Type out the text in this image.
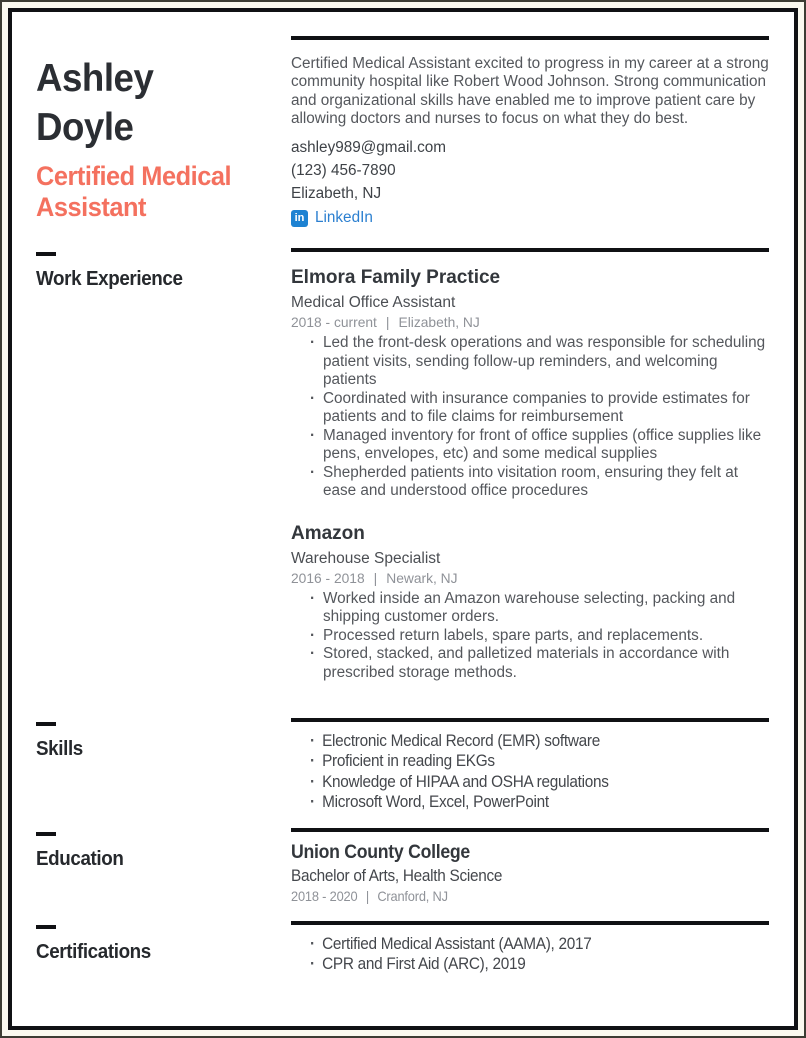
Ashley Doyle
Certified Medical Assistant

Certified Medical Assistant excited to progress in my career at a strong community hospital like Robert Wood Johnson. Strong communication and organizational skills have enabled me to improve patient care by allowing doctors and nurses to focus on what they do best.

ashley989@gmail.com
(123) 456-7890
Elizabeth, NJ
in LinkedIn
Work Experience	Elmora Family Practice
Medical Office Assistant
2018 - current | Elizabeth, NJ
· Led the front-desk operations and was responsible for scheduling patient visits, sending follow-up reminders, and welcoming patients
· Coordinated with insurance companies to provide estimates for patients and to file claims for reimbursement
· Managed inventory for front of office supplies (office supplies like pens, envelopes, etc) and some medical supplies
· Shepherded patients into visitation room, ensuring they felt at ease and understood office procedures
Amazon
Warehouse Specialist
2016 - 2018 | Newark, NJ
· Worked inside an Amazon warehouse selecting, packing and shipping customer orders.
· Processed return labels, spare parts, and replacements.
· Stored, stacked, and palletized materials in accordance with prescribed storage methods.
Skills	· Electronic Medical Record (EMR) software
· Proficient in reading EKGs
· Knowledge of HIPAA and OSHA regulations
· Microsoft Word, Excel, PowerPoint
Education	Union County College
Bachelor of Arts, Health Science
2018 - 2020 | Cranford, NJ
Certifications	· Certified Medical Assistant (AAMA), 2017
· CPR and First Aid (ARC), 2019
